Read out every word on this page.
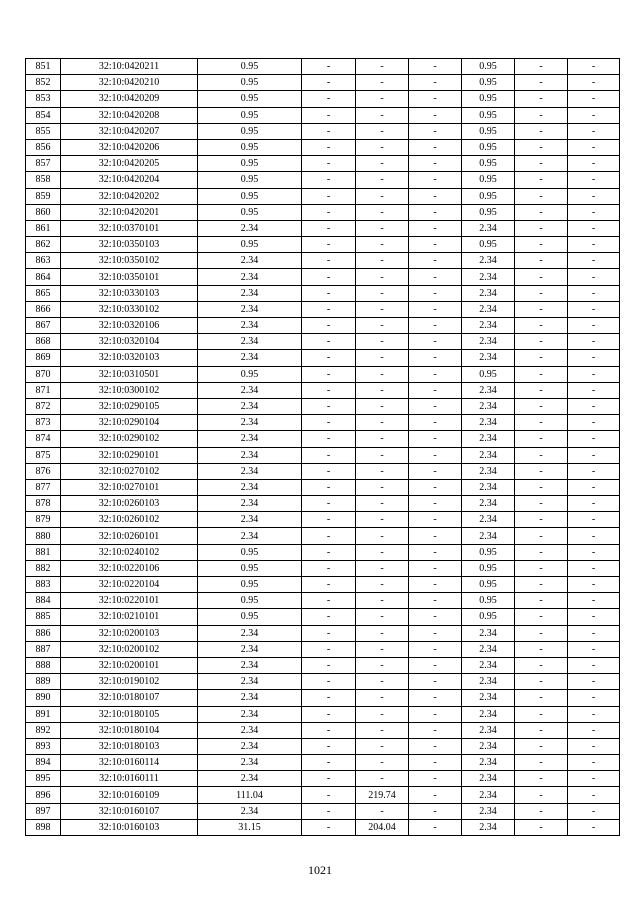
851	32:10:0420211	0.95	-	-	-	0.95	-	-
852	32:10:0420210	0.95	-	-	-	0.95	-	-
853	32:10:0420209	0.95	-	-	-	0.95	-	-
854	32:10:0420208	0.95	-	-	-	0.95	-	-
855	32:10:0420207	0.95	-	-	-	0.95	-	-
856	32:10:0420206	0.95	-	-	-	0.95	-	-
857	32:10:0420205	0.95	-	-	-	0.95	-	-
858	32:10:0420204	0.95	-	-	-	0.95	-	-
859	32:10:0420202	0.95	-	-	-	0.95	-	-
860	32:10:0420201	0.95	-	-	-	0.95	-	-
861	32:10:0370101	2.34	-	-	-	2.34	-	-
862	32:10:0350103	0.95	-	-	-	0.95	-	-
863	32:10:0350102	2.34	-	-	-	2.34	-	-
864	32:10:0350101	2.34	-	-	-	2.34	-	-
865	32:10:0330103	2.34	-	-	-	2.34	-	-
866	32:10:0330102	2.34	-	-	-	2.34	-	-
867	32:10:0320106	2.34	-	-	-	2.34	-	-
868	32:10:0320104	2.34	-	-	-	2.34	-	-
869	32:10:0320103	2.34	-	-	-	2.34	-	-
870	32:10:0310501	0.95	-	-	-	0.95	-	-
871	32:10:0300102	2.34	-	-	-	2.34	-	-
872	32:10:0290105	2.34	-	-	-	2.34	-	-
873	32:10:0290104	2.34	-	-	-	2.34	-	-
874	32:10:0290102	2.34	-	-	-	2.34	-	-
875	32:10:0290101	2.34	-	-	-	2.34	-	-
876	32:10:0270102	2.34	-	-	-	2.34	-	-
877	32:10:0270101	2.34	-	-	-	2.34	-	-
878	32:10:0260103	2.34	-	-	-	2.34	-	-
879	32:10:0260102	2.34	-	-	-	2.34	-	-
880	32:10:0260101	2.34	-	-	-	2.34	-	-
881	32:10:0240102	0.95	-	-	-	0.95	-	-
882	32:10:0220106	0.95	-	-	-	0.95	-	-
883	32:10:0220104	0.95	-	-	-	0.95	-	-
884	32:10:0220101	0.95	-	-	-	0.95	-	-
885	32:10:0210101	0.95	-	-	-	0.95	-	-
886	32:10:0200103	2.34	-	-	-	2.34	-	-
887	32:10:0200102	2.34	-	-	-	2.34	-	-
888	32:10:0200101	2.34	-	-	-	2.34	-	-
889	32:10:0190102	2.34	-	-	-	2.34	-	-
890	32:10:0180107	2.34	-	-	-	2.34	-	-
891	32:10:0180105	2.34	-	-	-	2.34	-	-
892	32:10:0180104	2.34	-	-	-	2.34	-	-
893	32:10:0180103	2.34	-	-	-	2.34	-	-
894	32:10:0160114	2.34	-	-	-	2.34	-	-
895	32:10:0160111	2.34	-	-	-	2.34	-	-
896	32:10:0160109	111.04	-	219.74	-	2.34	-	-
897	32:10:0160107	2.34	-	-	-	2.34	-	-
898	32:10:0160103	31.15	-	204.04	-	2.34	-	-
1021
